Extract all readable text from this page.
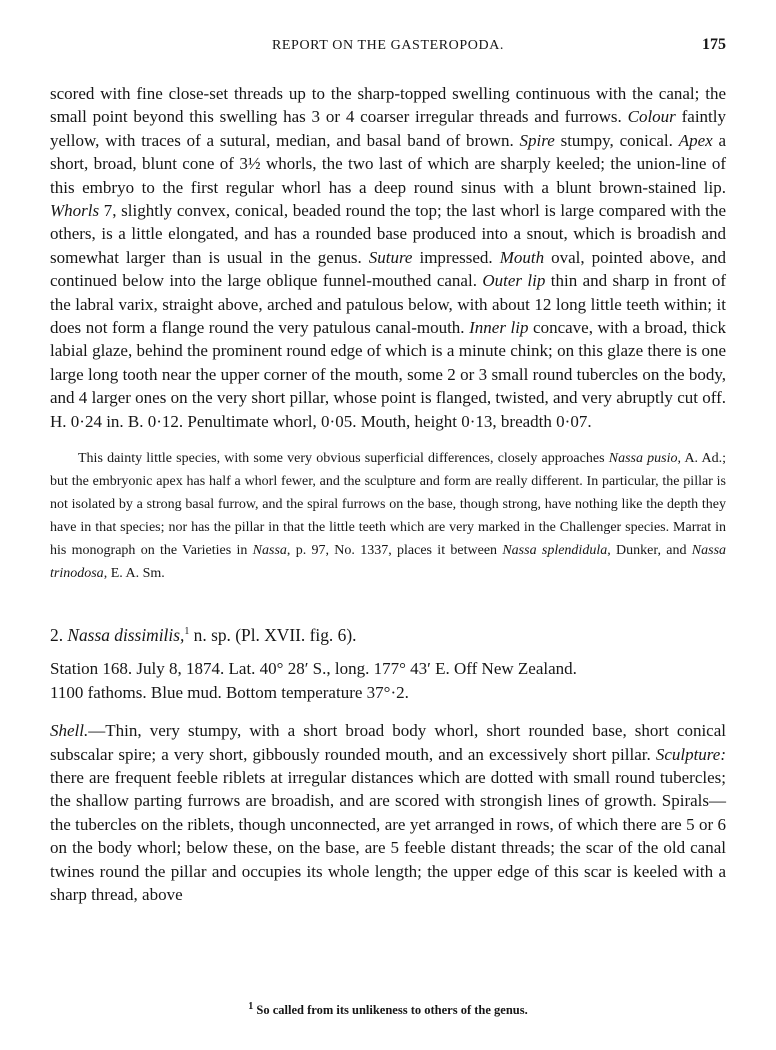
REPORT ON THE GASTEROPODA.	175

scored with fine close-set threads up to the sharp-topped swelling continuous with the canal; the small point beyond this swelling has 3 or 4 coarser irregular threads and furrows. Colour faintly yellow, with traces of a sutural, median, and basal band of brown. Spire stumpy, conical. Apex a short, broad, blunt cone of 3½ whorls, the two last of which are sharply keeled; the union-line of this embryo to the first regular whorl has a deep round sinus with a blunt brown-stained lip. Whorls 7, slightly convex, conical, beaded round the top; the last whorl is large compared with the others, is a little elongated, and has a rounded base produced into a snout, which is broadish and somewhat larger than is usual in the genus. Suture impressed. Mouth oval, pointed above, and continued below into the large oblique funnel-mouthed canal. Outer lip thin and sharp in front of the labral varix, straight above, arched and patulous below, with about 12 long little teeth within; it does not form a flange round the very patulous canal-mouth. Inner lip concave, with a broad, thick labial glaze, behind the prominent round edge of which is a minute chink; on this glaze there is one large long tooth near the upper corner of the mouth, some 2 or 3 small round tubercles on the body, and 4 larger ones on the very short pillar, whose point is flanged, twisted, and very abruptly cut off. H. 0·24 in. B. 0·12. Penultimate whorl, 0·05. Mouth, height 0·13, breadth 0·07.

This dainty little species, with some very obvious superficial differences, closely approaches Nassa pusio, A. Ad.; but the embryonic apex has half a whorl fewer, and the sculpture and form are really different. In particular, the pillar is not isolated by a strong basal furrow, and the spiral furrows on the base, though strong, have nothing like the depth they have in that species; nor has the pillar in that the little teeth which are very marked in the Challenger species. Marrat in his monograph on the Varieties in Nassa, p. 97, No. 1337, places it between Nassa splendidula, Dunker, and Nassa trinodosa, E. A. Sm.

2. Nassa dissimilis,$^1$ n. sp. (Pl. XVII. fig. 6).

Station 168. July 8, 1874. Lat. 40° 28′ S., long. 177° 43′ E. Off New Zealand.
1100 fathoms. Blue mud. Bottom temperature 37°·2.

Shell.—Thin, very stumpy, with a short broad body whorl, short rounded base, short conical subscalar spire; a very short, gibbously rounded mouth, and an excessively short pillar. Sculpture: there are frequent feeble riblets at irregular distances which are dotted with small round tubercles; the shallow parting furrows are broadish, and are scored with strongish lines of growth. Spirals—the tubercles on the riblets, though unconnected, are yet arranged in rows, of which there are 5 or 6 on the body whorl; below these, on the base, are 5 feeble distant threads; the scar of the old canal twines round the pillar and occupies its whole length; the upper edge of this scar is keeled with a sharp thread, above

$^1$ So called from its unlikeness to others of the genus.
